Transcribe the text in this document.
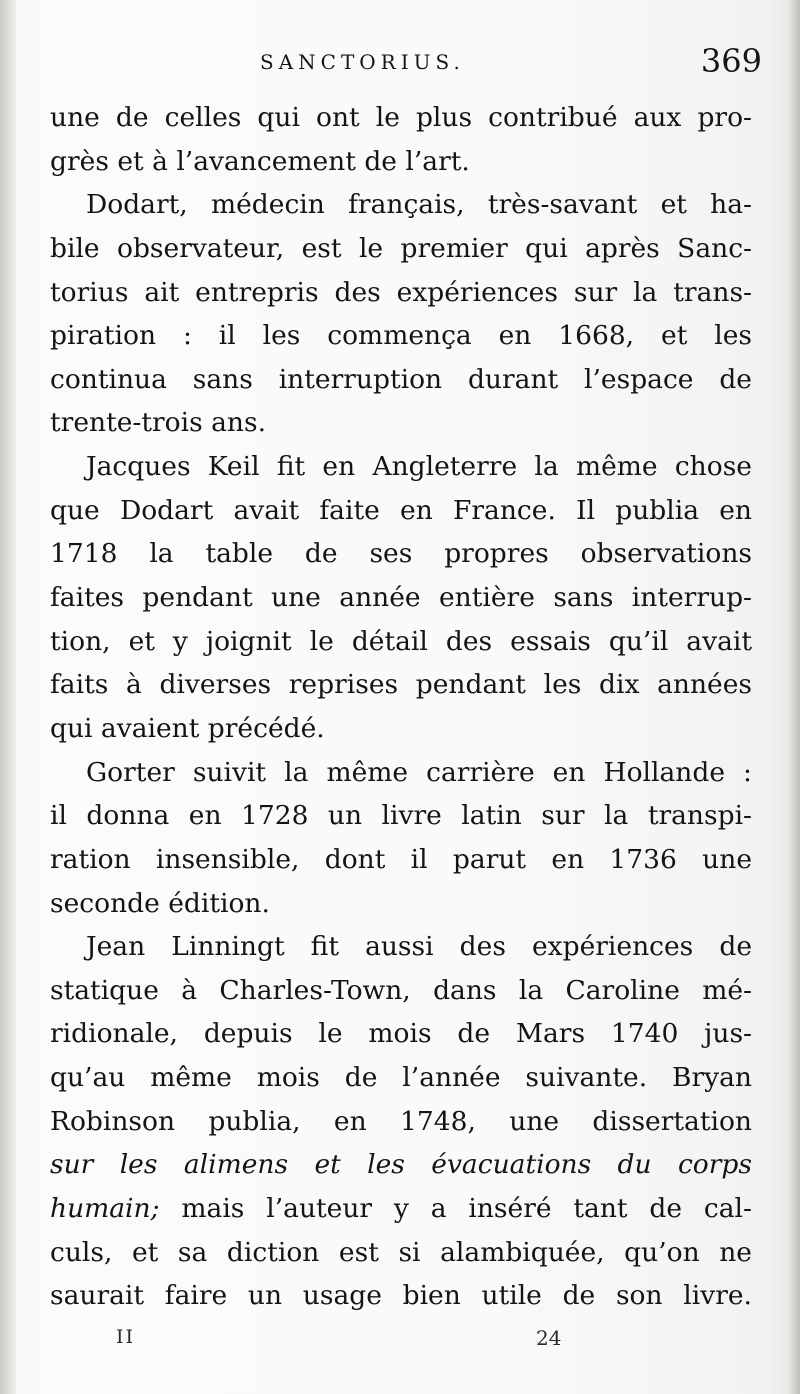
SANCTORIUS.	369
une de celles qui ont le plus contribué aux pro-
grès et à l’avancement de l’art.
Dodart, médecin français, très-savant et ha-
bile observateur, est le premier qui après Sanc-
torius ait entrepris des expériences sur la trans-
piration : il les commença en 1668, et les
continua sans interruption durant l’espace de
trente-trois ans.
Jacques Keil fit en Angleterre la même chose
que Dodart avait faite en France. Il publia en
1718 la table de ses propres observations
faites pendant une année entière sans interrup-
tion, et y joignit le détail des essais qu’il avait
faits à diverses reprises pendant les dix années
qui avaient précédé.
Gorter suivit la même carrière en Hollande :
il donna en 1728 un livre latin sur la transpi-
ration insensible, dont il parut en 1736 une
seconde édition.
Jean Linningt fit aussi des expériences de
statique à Charles-Town, dans la Caroline mé-
ridionale, depuis le mois de Mars 1740 jus-
qu’au même mois de l’année suivante. Bryan
Robinson publia, en 1748, une dissertation
sur les alimens et les évacuations du corps
humain; mais l’auteur y a inséré tant de cal-
culs, et sa diction est si alambiquée, qu’on ne
saurait faire un usage bien utile de son livre.
II	24
